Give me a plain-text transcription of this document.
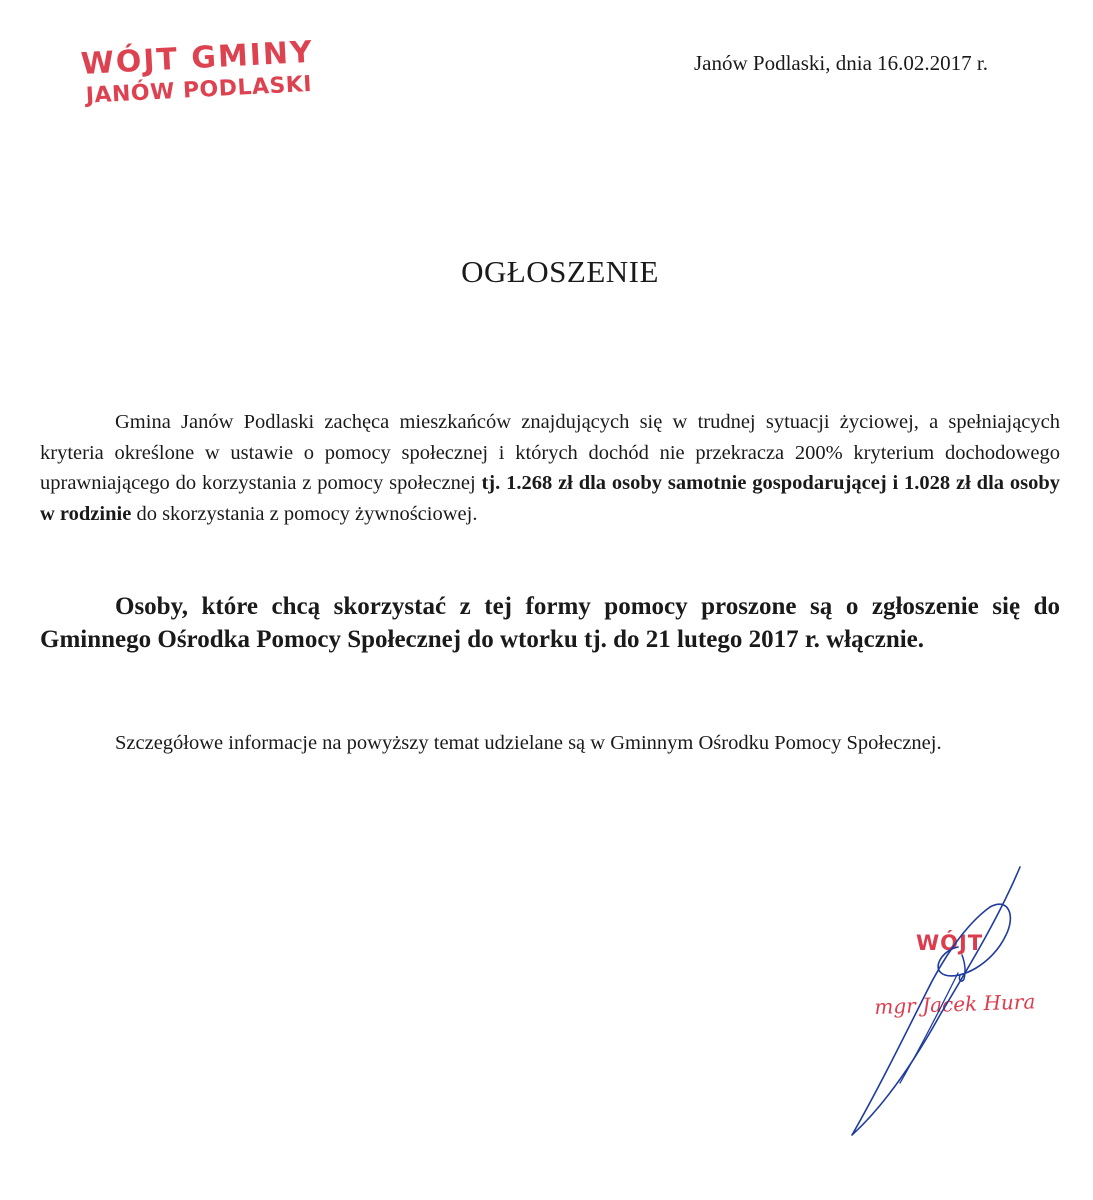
WÓJT GMINY
JANÓW PODLASKI
Janów Podlaski, dnia 16.02.2017 r.
OGŁOSZENIE
Gmina Janów Podlaski zachęca mieszkańców znajdujących się w trudnej sytuacji życiowej, a spełniających kryteria określone w ustawie o pomocy społecznej i których dochód nie przekracza 200% kryterium dochodowego uprawniającego do korzystania z pomocy społecznej tj. 1.268 zł dla osoby samotnie gospodarującej i 1.028 zł dla osoby w rodzinie do skorzystania z pomocy żywnościowej.
Osoby, które chcą skorzystać z tej formy pomocy proszone są o zgłoszenie się do Gminnego Ośrodka Pomocy Społecznej do wtorku tj. do 21 lutego 2017 r. włącznie.
Szczegółowe informacje na powyższy temat udzielane są w Gminnym Ośrodku Pomocy Społecznej.
WÓJT
mgr Jacek Hura
